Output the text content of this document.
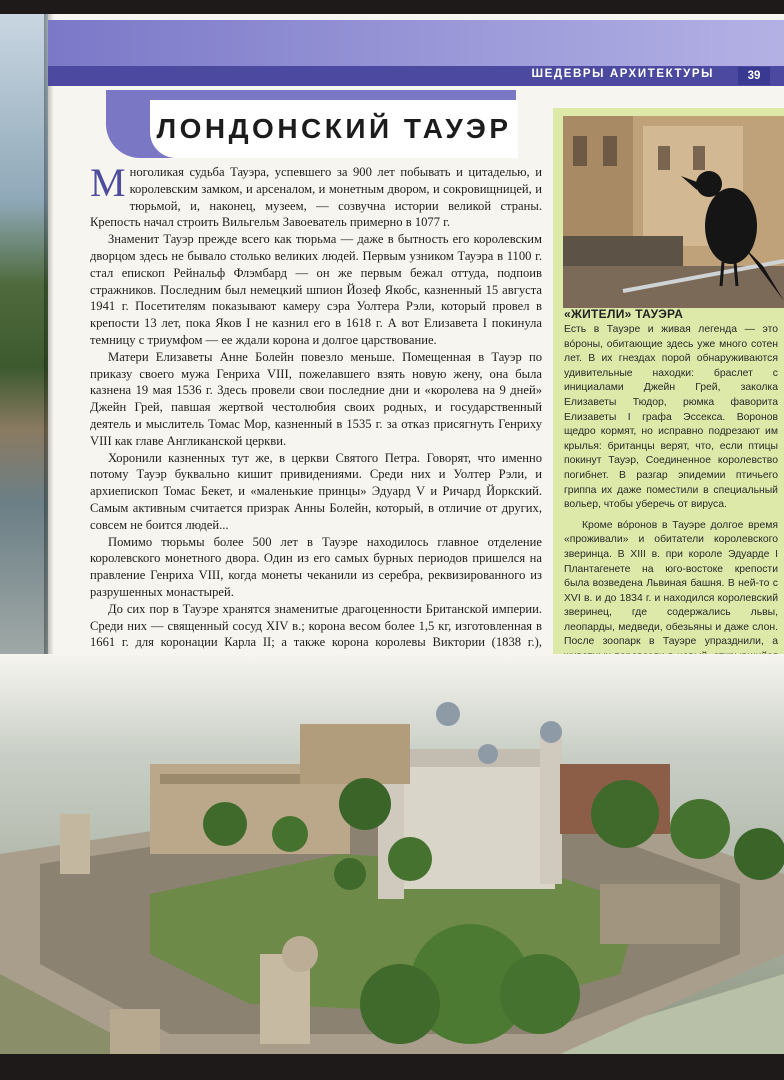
ШЕДЕВРЫ АРХИТЕКТУРЫ	39
ЛОНДОНСКИЙ ТАУЭР

Многоликая судьба Тауэра, успевшего за 900 лет побывать и цитаделью, и королевским замком, и арсеналом, и монетным двором, и сокровищницей, и тюрьмой, и, наконец, музеем, — созвучна истории великой страны. Крепость начал строить Вильгельм Завоеватель примерно в 1077 г.

Знаменит Тауэр прежде всего как тюрьма — даже в бытность его королевским дворцом здесь не бывало столько великих людей. Первым узником Тауэра в 1100 г. стал епископ Рейнальф Флэмбард — он же первым бежал оттуда, подпоив стражников. Последним был немецкий шпион Йозеф Якобс, казненный 15 августа 1941 г. Посетителям показывают камеру сэра Уолтера Рэли, который провел в крепости 13 лет, пока Яков I не казнил его в 1618 г. А вот Елизавета I покинула темницу с триумфом — ее ждали корона и долгое царствование.

Матери Елизаветы Анне Болейн повезло меньше. Помещенная в Тауэр по приказу своего мужа Генриха VIII, пожелавшего взять новую жену, она была казнена 19 мая 1536 г. Здесь провели свои последние дни и «королева на 9 дней» Джейн Грей, павшая жертвой честолюбия своих родных, и государственный деятель и мыслитель Томас Мор, казненный в 1535 г. за отказ присягнуть Генриху VIII как главе Англиканской церкви.

Хоронили казненных тут же, в церкви Святого Петра. Говорят, что именно потому Тауэр буквально кишит привидениями. Среди них и Уолтер Рэли, и архиепископ Томас Бекет, и «маленькие принцы» Эдуард V и Ричард Йоркский. Самым активным считается призрак Анны Болейн, который, в отличие от других, совсем не боится людей...

Помимо тюрьмы более 500 лет в Тауэре находилось главное отделение королевского монетного двора. Один из его самых бурных периодов пришелся на правление Генриха VIII, когда монеты чеканили из серебра, реквизированного из разрушенных монастырей.

До сих пор в Тауэре хранятся знаменитые драгоценности Британской империи. Среди них — священный сосуд XIV в.; корона весом более 1,5 кг, изготовленная в 1661 г. для коронации Карла II; а также корона королевы Виктории (1838 г.),

«ЖИТЕЛИ» ТАУЭРА

Есть в Тауэре и живая легенда — это вóроны, обитающие здесь уже много сотен лет. В их гнездах порой обнаруживаются удивительные находки: браслет с инициалами Джейн Грей, заколка Елизаветы Тюдор, рюмка фаворита Елизаветы I графа Эссекса. Воронов щедро кормят, но исправно подрезают им крылья: британцы верят, что, если птицы покинут Тауэр, Соединенное королевство погибнет. В разгар эпидемии птичьего гриппа их даже поместили в специальный вольер, чтобы уберечь от вируса.

Кроме вóронов в Тауэре долгое время «проживали» и обитатели королевского зверинца. В XIII в. при короле Эдуарде I Плантагенете на юго-востоке крепости была возведена Львиная башня. В ней-то с XVI в. и до 1834 г. и находился королевский зверинец, где содержались львы, леопарды, медведи, обезьяны и даже слон. После зоопарк в Тауэре упразднили, а
